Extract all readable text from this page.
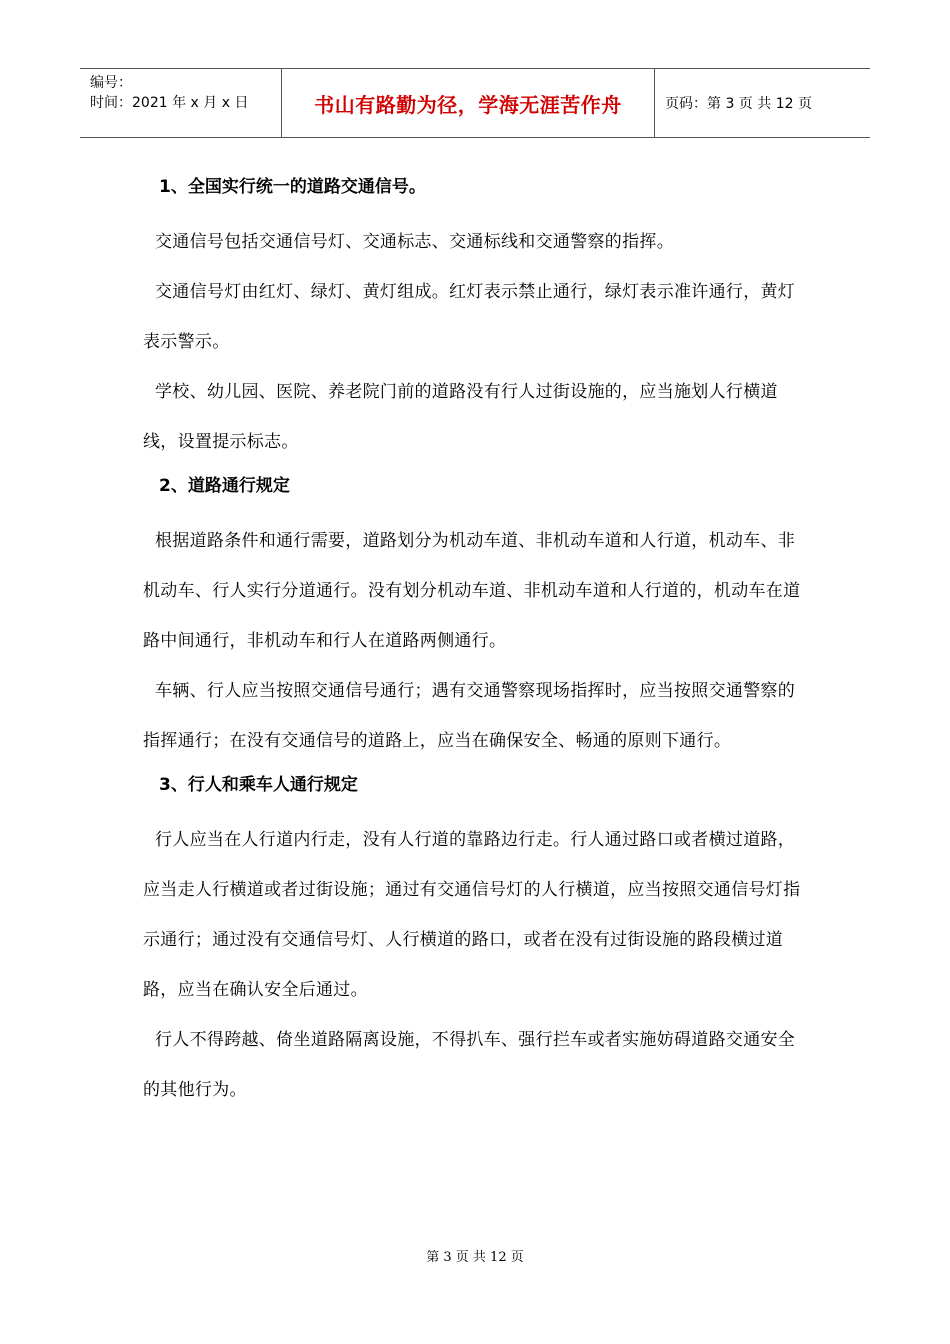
编号：
时间：2021 年 x 月 x 日	书山有路勤为径，学海无涯苦作舟	页码：第 3 页 共 12 页
1、全国实行统一的道路交通信号。

交通信号包括交通信号灯、交通标志、交通标线和交通警察的指挥。

交通信号灯由红灯、绿灯、黄灯组成。红灯表示禁止通行，绿灯表示准许通行，黄灯表示警示。

学校、幼儿园、医院、养老院门前的道路没有行人过街设施的，应当施划人行横道线，设置提示标志。

2、道路通行规定

根据道路条件和通行需要，道路划分为机动车道、非机动车道和人行道，机动车、非机动车、行人实行分道通行。没有划分机动车道、非机动车道和人行道的，机动车在道路中间通行，非机动车和行人在道路两侧通行。

车辆、行人应当按照交通信号通行；遇有交通警察现场指挥时，应当按照交通警察的指挥通行；在没有交通信号的道路上，应当在确保安全、畅通的原则下通行。

3、行人和乘车人通行规定

行人应当在人行道内行走，没有人行道的靠路边行走。行人通过路口或者横过道路，应当走人行横道或者过街设施；通过有交通信号灯的人行横道，应当按照交通信号灯指示通行；通过没有交通信号灯、人行横道的路口，或者在没有过街设施的路段横过道路，应当在确认安全后通过。

行人不得跨越、倚坐道路隔离设施，不得扒车、强行拦车或者实施妨碍道路交通安全的其他行为。

第 3 页 共 12 页
